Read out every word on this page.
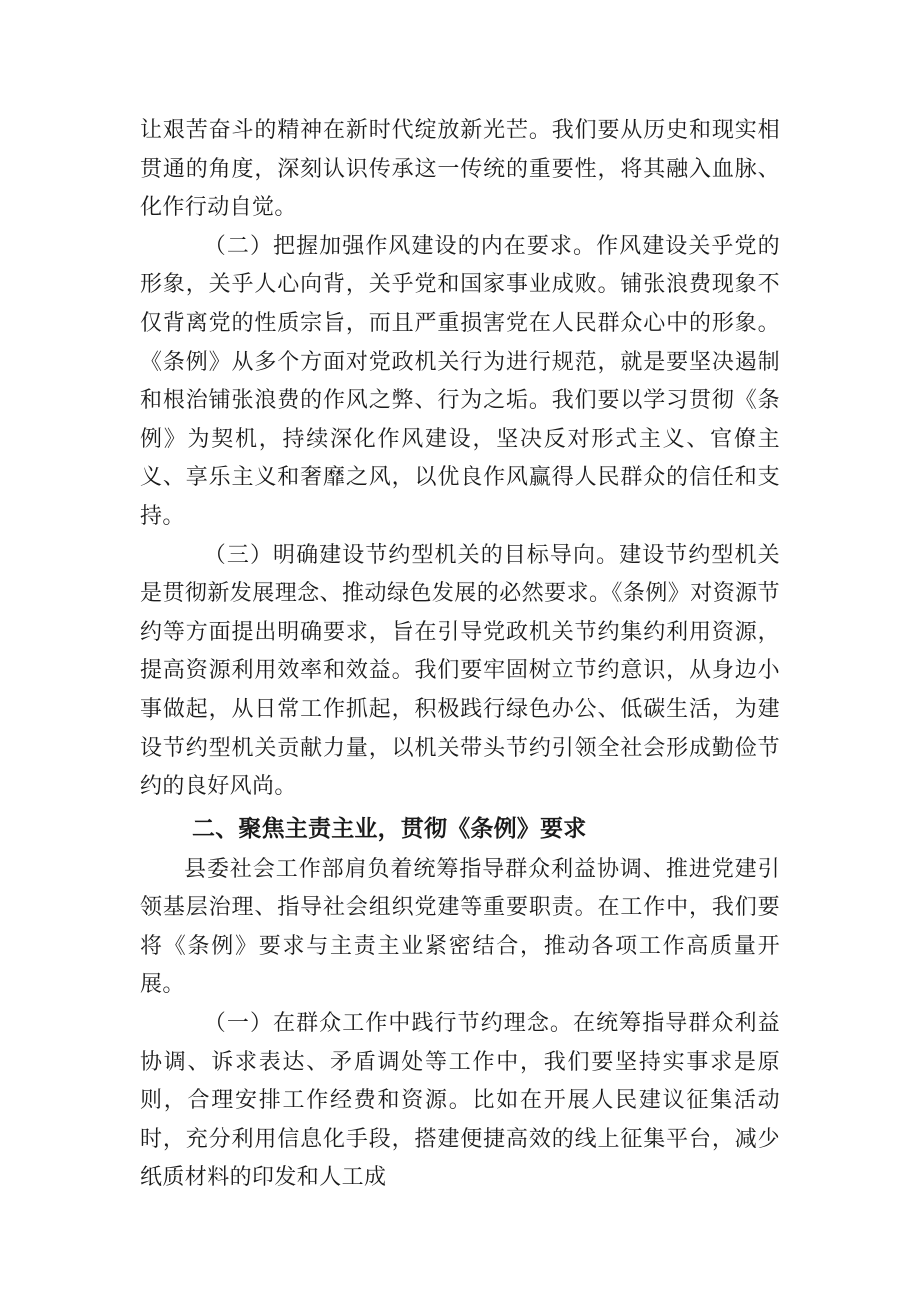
让艰苦奋斗的精神在新时代绽放新光芒。我们要从历史和现实相贯通的角度，深刻认识传承这一传统的重要性，将其融入血脉、化作行动自觉。

（二）把握加强作风建设的内在要求。作风建设关乎党的形象，关乎人心向背，关乎党和国家事业成败。铺张浪费现象不仅背离党的性质宗旨，而且严重损害党在人民群众心中的形象。《条例》从多个方面对党政机关行为进行规范，就是要坚决遏制和根治铺张浪费的作风之弊、行为之垢。我们要以学习贯彻《条例》为契机，持续深化作风建设，坚决反对形式主义、官僚主义、享乐主义和奢靡之风，以优良作风赢得人民群众的信任和支持。

（三）明确建设节约型机关的目标导向。建设节约型机关是贯彻新发展理念、推动绿色发展的必然要求。《条例》对资源节约等方面提出明确要求，旨在引导党政机关节约集约利用资源，提高资源利用效率和效益。我们要牢固树立节约意识，从身边小事做起，从日常工作抓起，积极践行绿色办公、低碳生活，为建设节约型机关贡献力量，以机关带头节约引领全社会形成勤俭节约的良好风尚。

二、聚焦主责主业，贯彻《条例》要求

县委社会工作部肩负着统筹指导群众利益协调、推进党建引领基层治理、指导社会组织党建等重要职责。在工作中，我们要将《条例》要求与主责主业紧密结合，推动各项工作高质量开展。

（一）在群众工作中践行节约理念。在统筹指导群众利益协调、诉求表达、矛盾调处等工作中，我们要坚持实事求是原则，合理安排工作经费和资源。比如在开展人民建议征集活动时，充分利用信息化手段，搭建便捷高效的线上征集平台，减少纸质材料的印发和人工成
